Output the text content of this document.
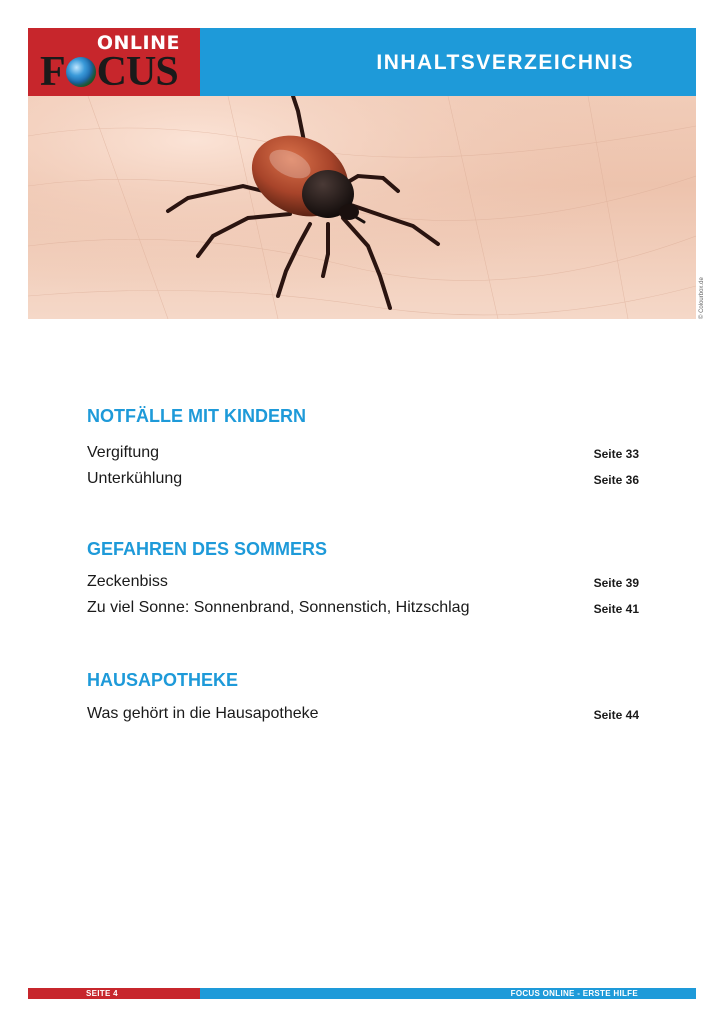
ONLINE
F CUS	INHALTSVERZEICHNIS
© Colourbox.de
NOTFÄLLE MIT KINDERN
Vergiftung	Seite 33
Unterkühlung	Seite 36
GEFAHREN DES SOMMERS
Zeckenbiss	Seite 39
Zu viel Sonne: Sonnenbrand, Sonnenstich, Hitzschlag	Seite 41
HAUSAPOTHEKE
Was gehört in die Hausapotheke	Seite 44
SEITE 4	FOCUS ONLINE - ERSTE HILFE
